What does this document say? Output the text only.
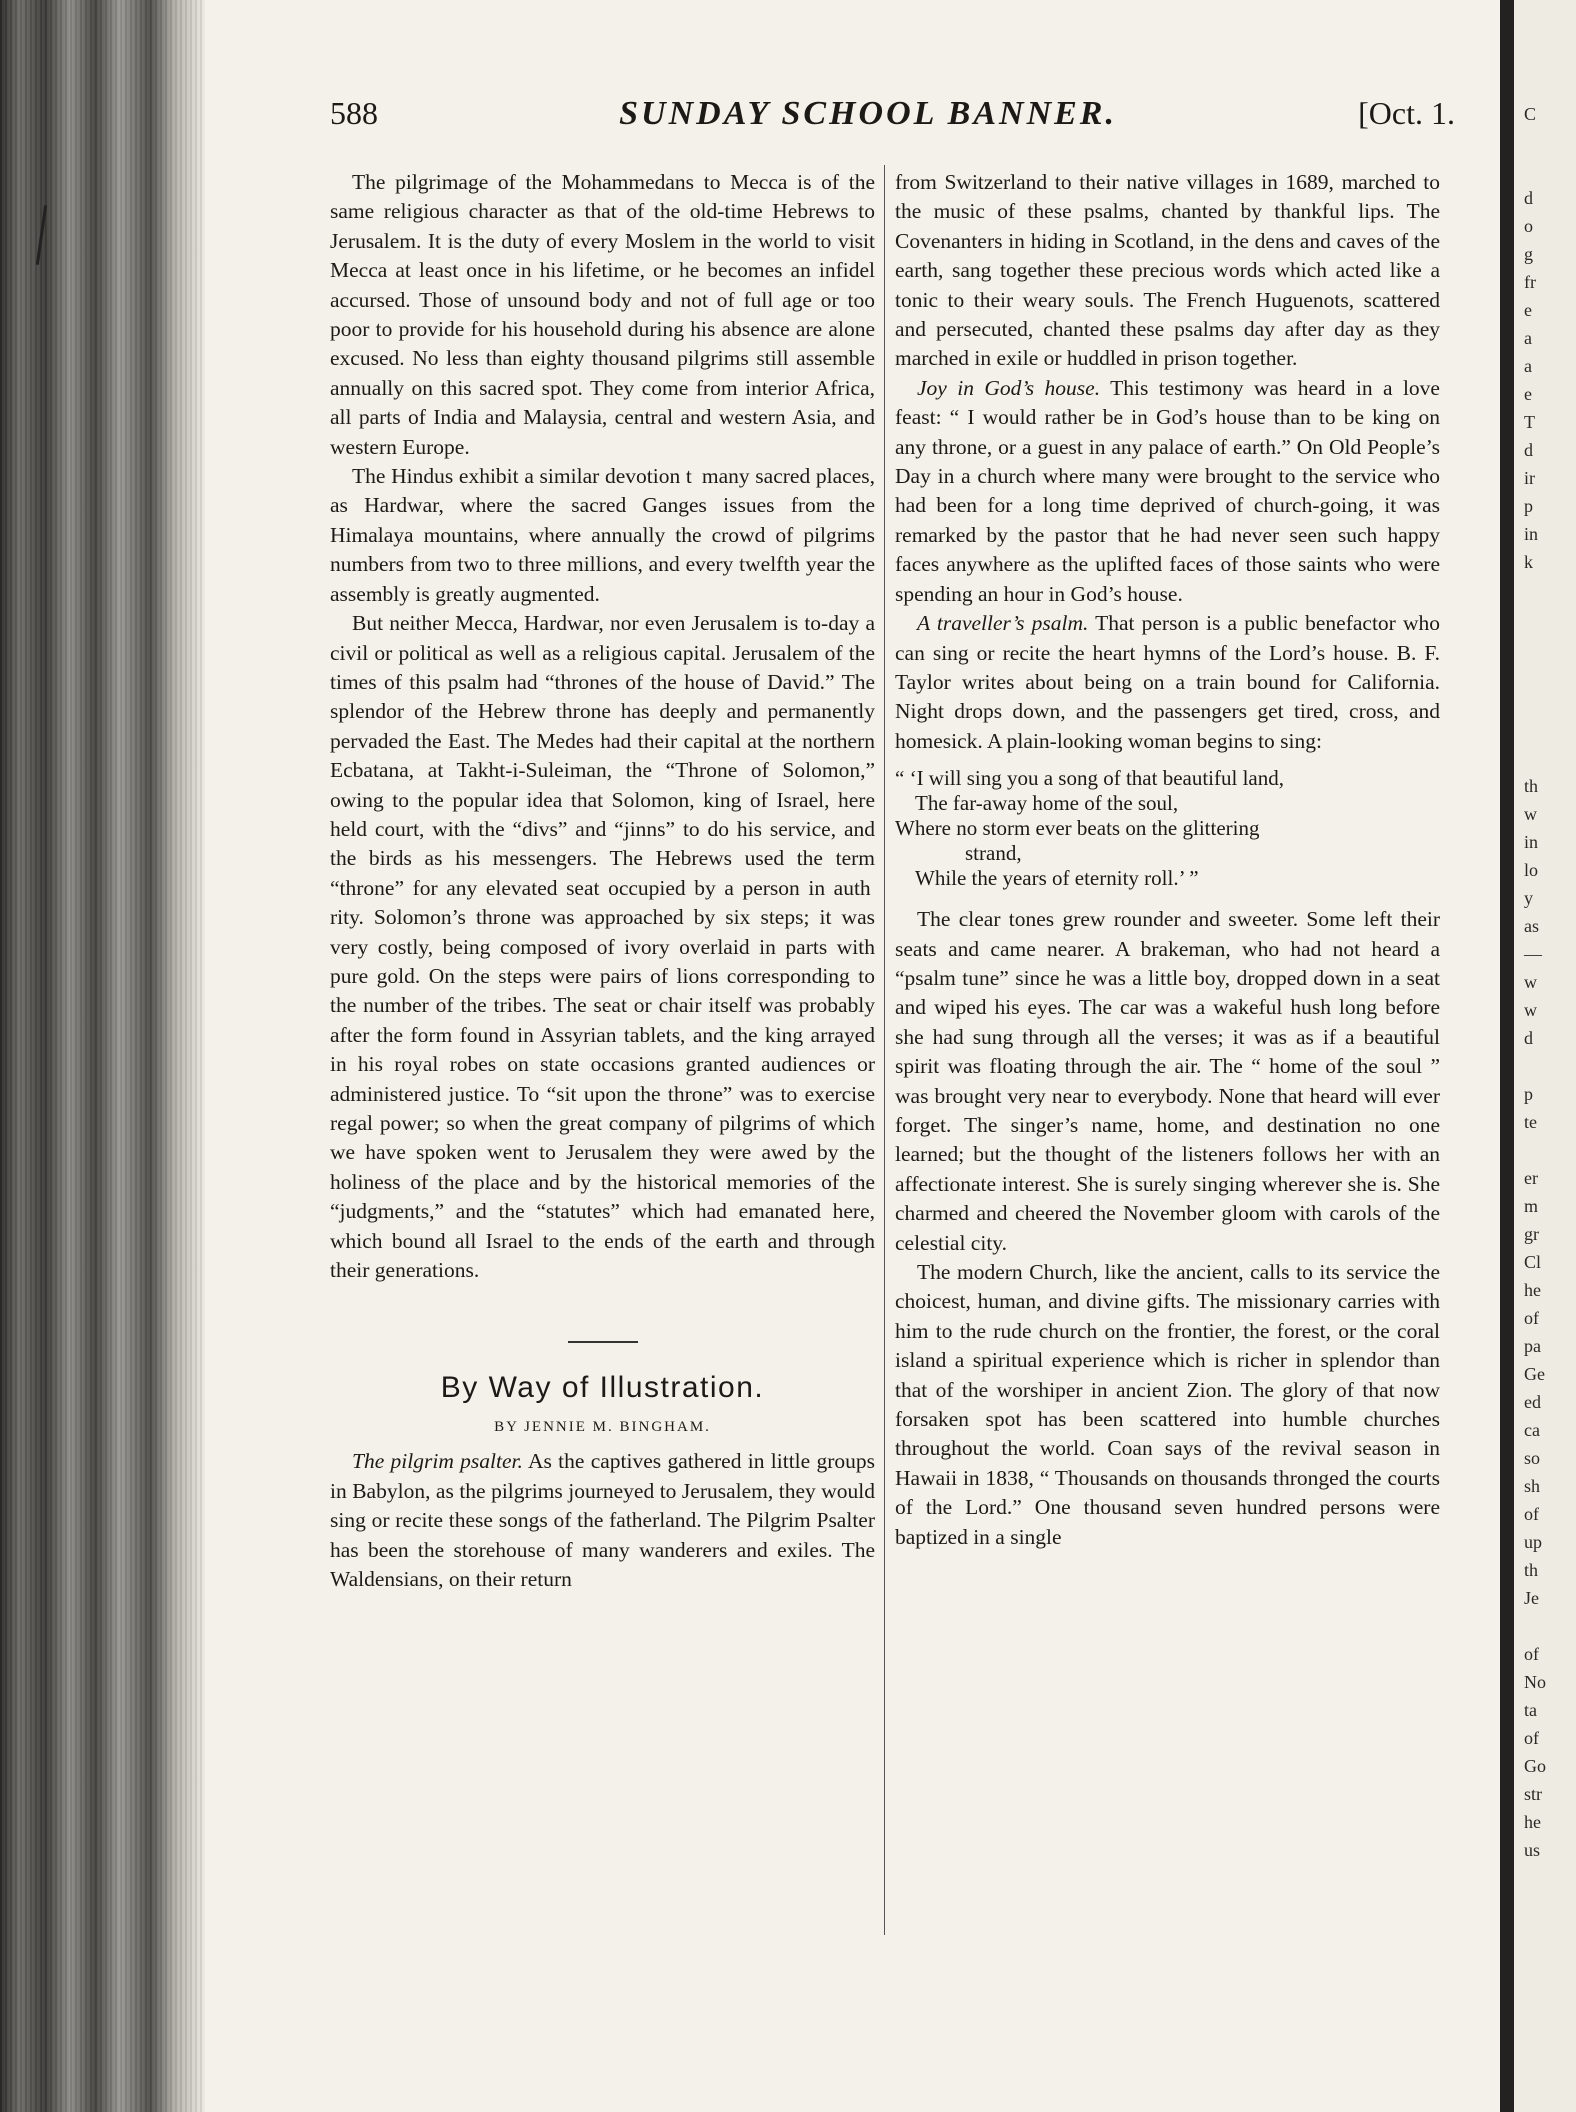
588	SUNDAY SCHOOL BANNER.	[Oct. 1.

The pilgrimage of the Mohammedans to Mecca is of the same religious character as that of the old-time Hebrews to Jerusalem. It is the duty of every Moslem in the world to visit Mecca at least once in his lifetime, or he becomes an infidel accursed. Those of unsound body and not of full age or too poor to provide for his household during his absence are alone excused. No less than eighty thousand pilgrims still assemble annually on this sacred spot. They come from interior Africa, all parts of India and Malaysia, central and western Asia, and western Europe.

The Hindus exhibit a similar devotion t  many sacred places, as Hardwar, where the sacred Ganges issues from the Himalaya mountains, where annually the crowd of pilgrims numbers from two to three millions, and every twelfth year the assembly is greatly augmented.

But neither Mecca, Hardwar, nor even Jerusalem is to-day a civil or political as well as a religious capital. Jerusalem of the times of this psalm had “thrones of the house of David.” The splendor of the Hebrew throne has deeply and permanently pervaded the East. The Medes had their capital at the northern Ecbatana, at Takht-i-Suleiman, the “Throne of Solomon,” owing to the popular idea that Solomon, king of Israel, here held court, with the “divs” and “jinns” to do his service, and the birds as his messengers. The Hebrews used the term “throne” for any elevated seat occupied by a person in auth rity. Solomon’s throne was approached by six steps; it was very costly, being composed of ivory overlaid in parts with pure gold. On the steps were pairs of lions corresponding to the number of the tribes. The seat or chair itself was probably after the form found in Assyrian tablets, and the king arrayed in his royal robes on state occasions granted audiences or administered justice. To “sit upon the throne” was to exercise regal power; so when the great company of pilgrims of which we have spoken went to Jerusalem they were awed by the holiness of the place and by the historical memories of the “judgments,” and the “statutes” which had emanated here, which bound all Israel to the ends of the earth and through their generations.

By Way of Illustration.
BY JENNIE M. BINGHAM.

The pilgrim psalter. As the captives gathered in little groups in Babylon, as the pilgrims journeyed to Jerusalem, they would sing or recite these songs of the fatherland. The Pilgrim Psalter has been the storehouse of many wanderers and exiles. The Waldensians, on their return

from Switzerland to their native villages in 1689, marched to the music of these psalms, chanted by thankful lips. The Covenanters in hiding in Scotland, in the dens and caves of the earth, sang together these precious words which acted like a tonic to their weary souls. The French Huguenots, scattered and persecuted, chanted these psalms day after day as they marched in exile or huddled in prison together.

Joy in God’s house. This testimony was heard in a love feast: “ I would rather be in God’s house than to be king on any throne, or a guest in any palace of earth.” On Old People’s Day in a church where many were brought to the service who had been for a long time deprived of church-going, it was remarked by the pastor that he had never seen such happy faces anywhere as the uplifted faces of those saints who were spending an hour in God’s house.

A traveller’s psalm. That person is a public benefactor who can sing or recite the heart hymns of the Lord’s house. B. F. Taylor writes about being on a train bound for California. Night drops down, and the passengers get tired, cross, and homesick. A plain-looking woman begins to sing:

“ ‘I will sing you a song of that beautiful land,
The far-away home of the soul,
Where no storm ever beats on the glittering
strand,
While the years of eternity roll.’ ”

The clear tones grew rounder and sweeter. Some left their seats and came nearer. A brakeman, who had not heard a “psalm tune” since he was a little boy, dropped down in a seat and wiped his eyes. The car was a wakeful hush long before she had sung through all the verses; it was as if a beautiful spirit was floating through the air. The “ home of the soul ” was brought very near to everybody. None that heard will ever forget. The singer’s name, home, and destination no one learned; but the thought of the listeners follows her with an affectionate interest. She is surely singing wherever she is. She charmed and cheered the November gloom with carols of the celestial city.

The modern Church, like the ancient, calls to its service the choicest, human, and divine gifts. The missionary carries with him to the rude church on the frontier, the forest, or the coral island a spiritual experience which is richer in splendor than that of the worshiper in ancient Zion. The glory of that now forsaken spot has been scattered into humble churches throughout the world. Coan says of the revival season in Hawaii in 1838, “ Thousands on thousands thronged the courts of the Lord.” One thousand seven hundred persons were baptized in a single

C

d
o
g
fr
e
a
a
e
T
d
ir
p
in
k

th
w
in
lo
y
as
—
w
w
d

p
te

er
m
gr
Cl
he
of
pa
Ge
ed
ca
so
sh
of
up
th
Je

of
No
ta
of
Go
str
he
us
